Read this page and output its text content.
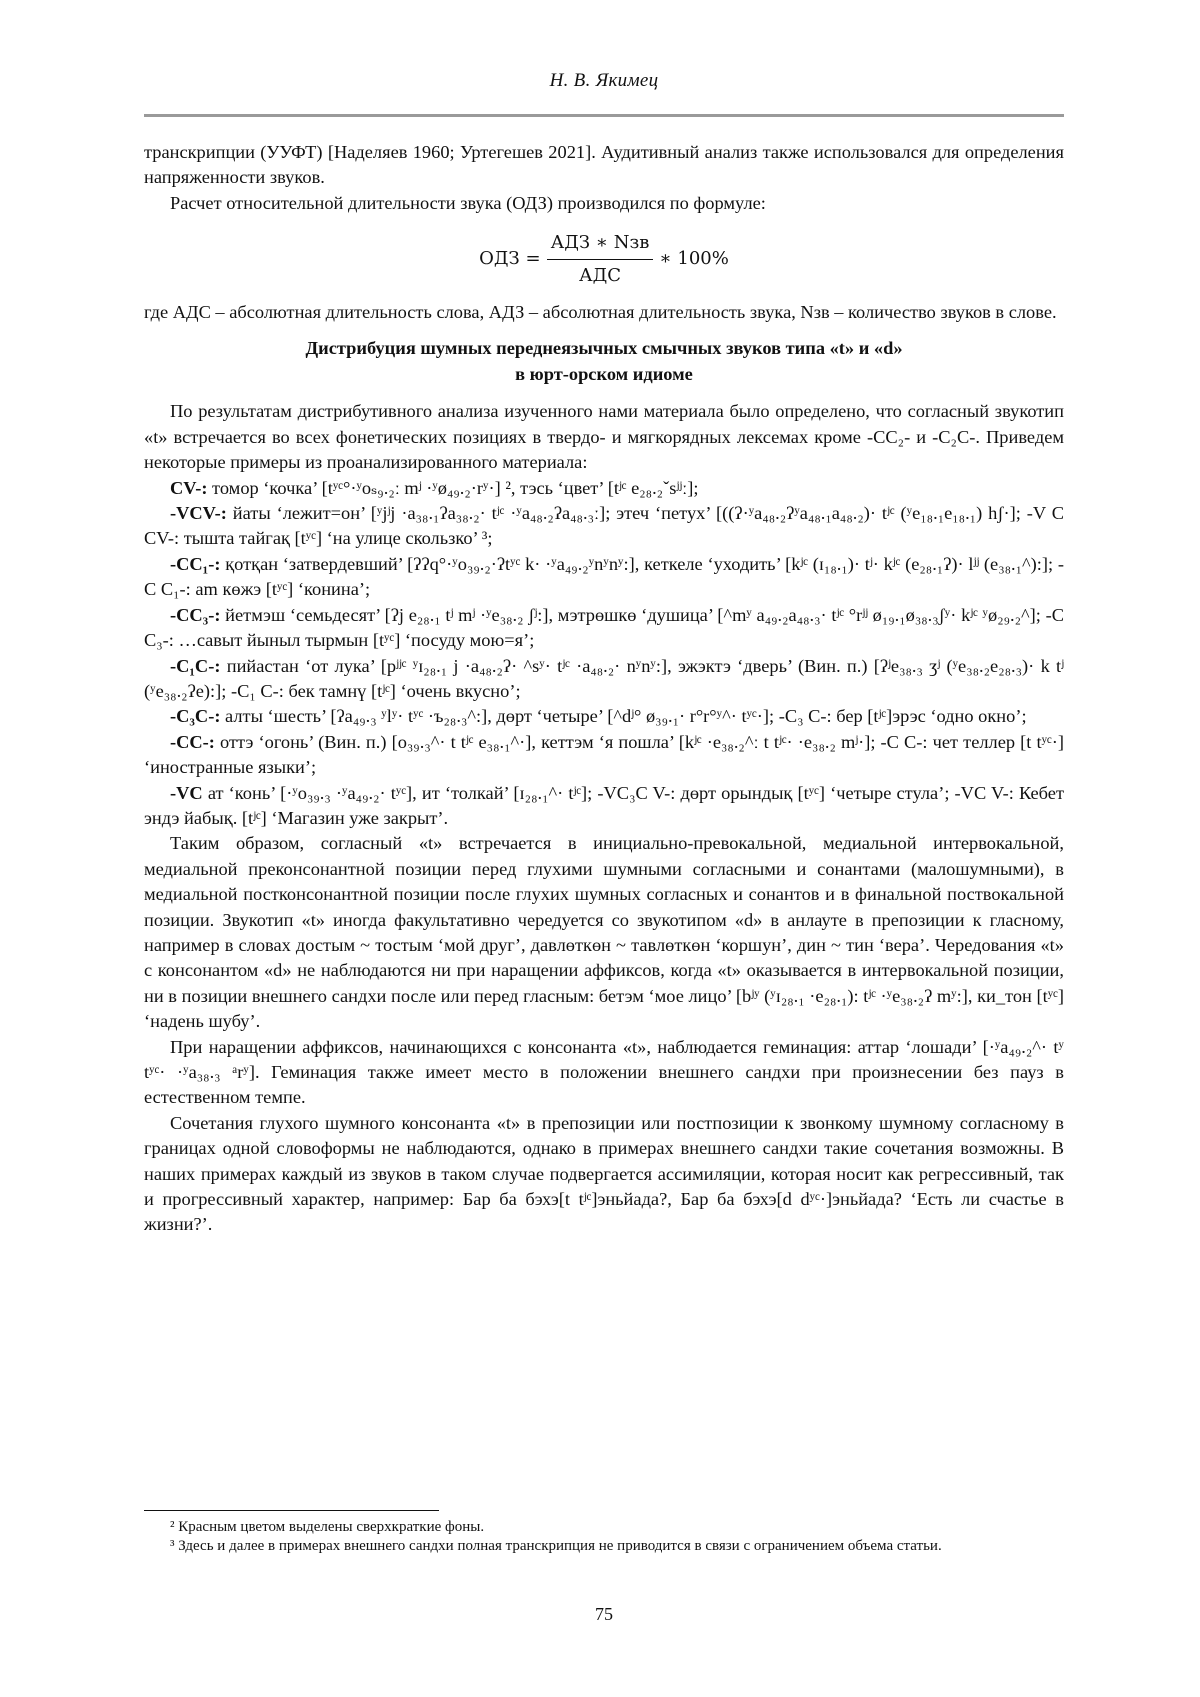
Н. В. Якимец

транскрипции (УУФТ) [Наделяев 1960; Уртегешев 2021]. Аудитивный анализ также использовался для определения напряженности звуков.

Расчет относительной длительности звука (ОДЗ) производился по формуле:

ОДЗ = $\frac{\text{АДЗ ∗ Nзв}}{\text{АДС}}$ ∗ 100%

где АДС – абсолютная длительность слова, АДЗ – абсолютная длительность звука, Nзв – количество звуков в слове.

Дистрибуция шумных переднеязычных смычных звуков типа «t» и «d»
в юрт-орском идиоме

По результатам дистрибутивного анализа изученного нами материала было определено, что согласный звукотип «t» встречается во всех фонетических позициях в твердо- и мягкорядных лексемах кроме -CC₂- и -C₂C-. Приведем некоторые примеры из проанализированного материала:

CV-: томор ‘кочка’ [tʸᶜ°·ʸoₛ₉.₂ː mʲ ·ʸø₄₉.₂·rʸ·] ², тэсь ‘цвет’ [tʲᶜ e₂₈.₂ˇsʲʲː];

-VCV-: йаты ‘лежит=он’ [ʸjʲj ·a₃₈.₁ʔa₃₈.₂· tʲᶜ ·ʸa₄₈.₂ʔa₄₈.₃ː]; этеч ‘петух’ [((ʔ·ʸa₄₈.₂ʔʸa₄₈.₁a₄₈.₂)· tʲᶜ (ʸe₁₈.₁e₁₈.₁) hʃ·]; -V C CV-: тыштa тайгақ [tʸᶜ] ‘на улице скользко’ ³;

-CC₁-: қотқан ‘затвердевший’ [ʔʔq°·ʸo₃₉.₂·ʔtʸᶜ k· ·ʸa₄₉.₂ʸnʸnʸ:], кеткеле ‘уходить’ [kʲᶜ (ɪ₁₈.₁)· tʲ· kʲᶜ (e₂₈.₁ʔ)· lʲʲ (e₃₈.₁^):]; -C C₁-: am көжэ [tʸᶜ] ‘конина’;

-CC₃-: йетмэш ‘семьдесят’ [ʔj e₂₈.₁ tʲ mʲ ·ʸe₃₈.₂ ʃʲ:], мэтрөшкө ‘душица’ [^mʸ a₄₉.₂a₄₈.₃· tʲᶜ °rʲʲ ø₁₉.₁ø₃₈.₃ʃʸ· kʲᶜ ʸø₂₉.₂^]; -C C₃-: …сaвыт йыныл тырмын [tʸᶜ] ‘посуду мою=я’;

-C₁C-: пийастан ‘от лука’ [pʲʲᶜ ʸɪ₂₈.₁ j ·a₄₈.₂ʔ· ^sʸ· tʲᶜ ·a₄₈.₂· nʸnʸ:], эжэктэ ‘дверь’ (Вин. п.) [ʔʲe₃₈.₃ ʒʲ (ʸe₃₈.₂e₂₈.₃)· k tʲ (ʸe₃₈.₂ʔe):]; -C₁ C-: бек тамнү [tʲᶜ] ‘очень вкусно’;

-C₃C-: алты ‘шесть’ [ʔa₄₉.₃ ʸlʸ· tʸᶜ ·ъ₂₈.₃^:], дөрт ‘четыре’ [^dʲ° ø₃₉.₁· r°r°ʸ^· tʸᶜ·]; -C₃ C-: бер [tʲᶜ]эрэс ‘одно окно’;

-CC-: оттэ ‘огонь’ (Вин. п.) [o₃₉.₃^· t tʲᶜ e₃₈.₁^·], кеттэм ‘я пошла’ [kʲᶜ ·e₃₈.₂^ː t tʲᶜ· ·e₃₈.₂ mʲ·]; -C C-: чет теллер [t tʸᶜ·] ‘иностранные языки’;

-VC ат ‘конь’ [·ʸo₃₉.₃ ·ʸa₄₉.₂· tʸᶜ], ит ‘толкай’ [ɪ₂₈.₁^· tʲᶜ]; -VC₃C V-: дөрт орындық [tʸᶜ] ‘четыре стула’; -VC V-: Кебет эндэ йабық. [tʲᶜ] ‘Магазин уже закрыт’.

Таким образом, согласный «t» встречается в инициально-превокальной, медиальной интервокальной, медиальной преконсонантной позиции перед глухими шумными согласными и сонантами (малошумными), в медиальной постконсонантной позиции после глухих шумных согласных и сонантов и в финальной поствокальной позиции. Звукотип «t» иногда факультативно чередуется со звукотипом «d» в анлауте в препозиции к гласному, например в словах достым ~ тостым ‘мой друг’, давлөткөн ~ тавлөткөн ‘коршун’, дин ~ тин ‘вера’. Чередования «t» с консонантом «d» не наблюдаются ни при наращении аффиксов, когда «t» оказывается в интервокальной позиции, ни в позиции внешнего сандхи после или перед гласным: бетэм ‘мое лицо’ [bʲʸ (ʸɪ₂₈.₁ ·e₂₈.₁): tʲᶜ ·ʸe₃₈.₂ʔ mʸ:], ки_тон [tʸᶜ] ‘надень шубу’.

При наращении аффиксов, начинающихся с консонанта «t», наблюдается геминация: аттар ‘лошади’ [·ʸa₄₉.₂^· tʸ tʸᶜ· ·ʸa₃₈.₃ ᵃrʸ]. Геминация также имеет место в положении внешнего сандхи при произнесении без пауз в естественном темпе.

Сочетания глухого шумного консонанта «t» в препозиции или постпозиции к звонкому шумному согласному в границах одной словоформы не наблюдаются, однако в примерах внешнего сандхи такие сочетания возможны. В наших примерах каждый из звуков в таком случае подвергается ассимиляции, которая носит как регрессивный, так и прогрессивный характер, например: Бар ба бэхэ[t tʲᶜ]эньйада?, Бар ба бэхэ[d dʸᶜ·]эньйада? ‘Есть ли счастье в жизни?’.

² Красным цветом выделены сверхкраткие фоны.

³ Здесь и далее в примерах внешнего сандхи полная транскрипция не приводится в связи с ограничением объема статьи.

75
